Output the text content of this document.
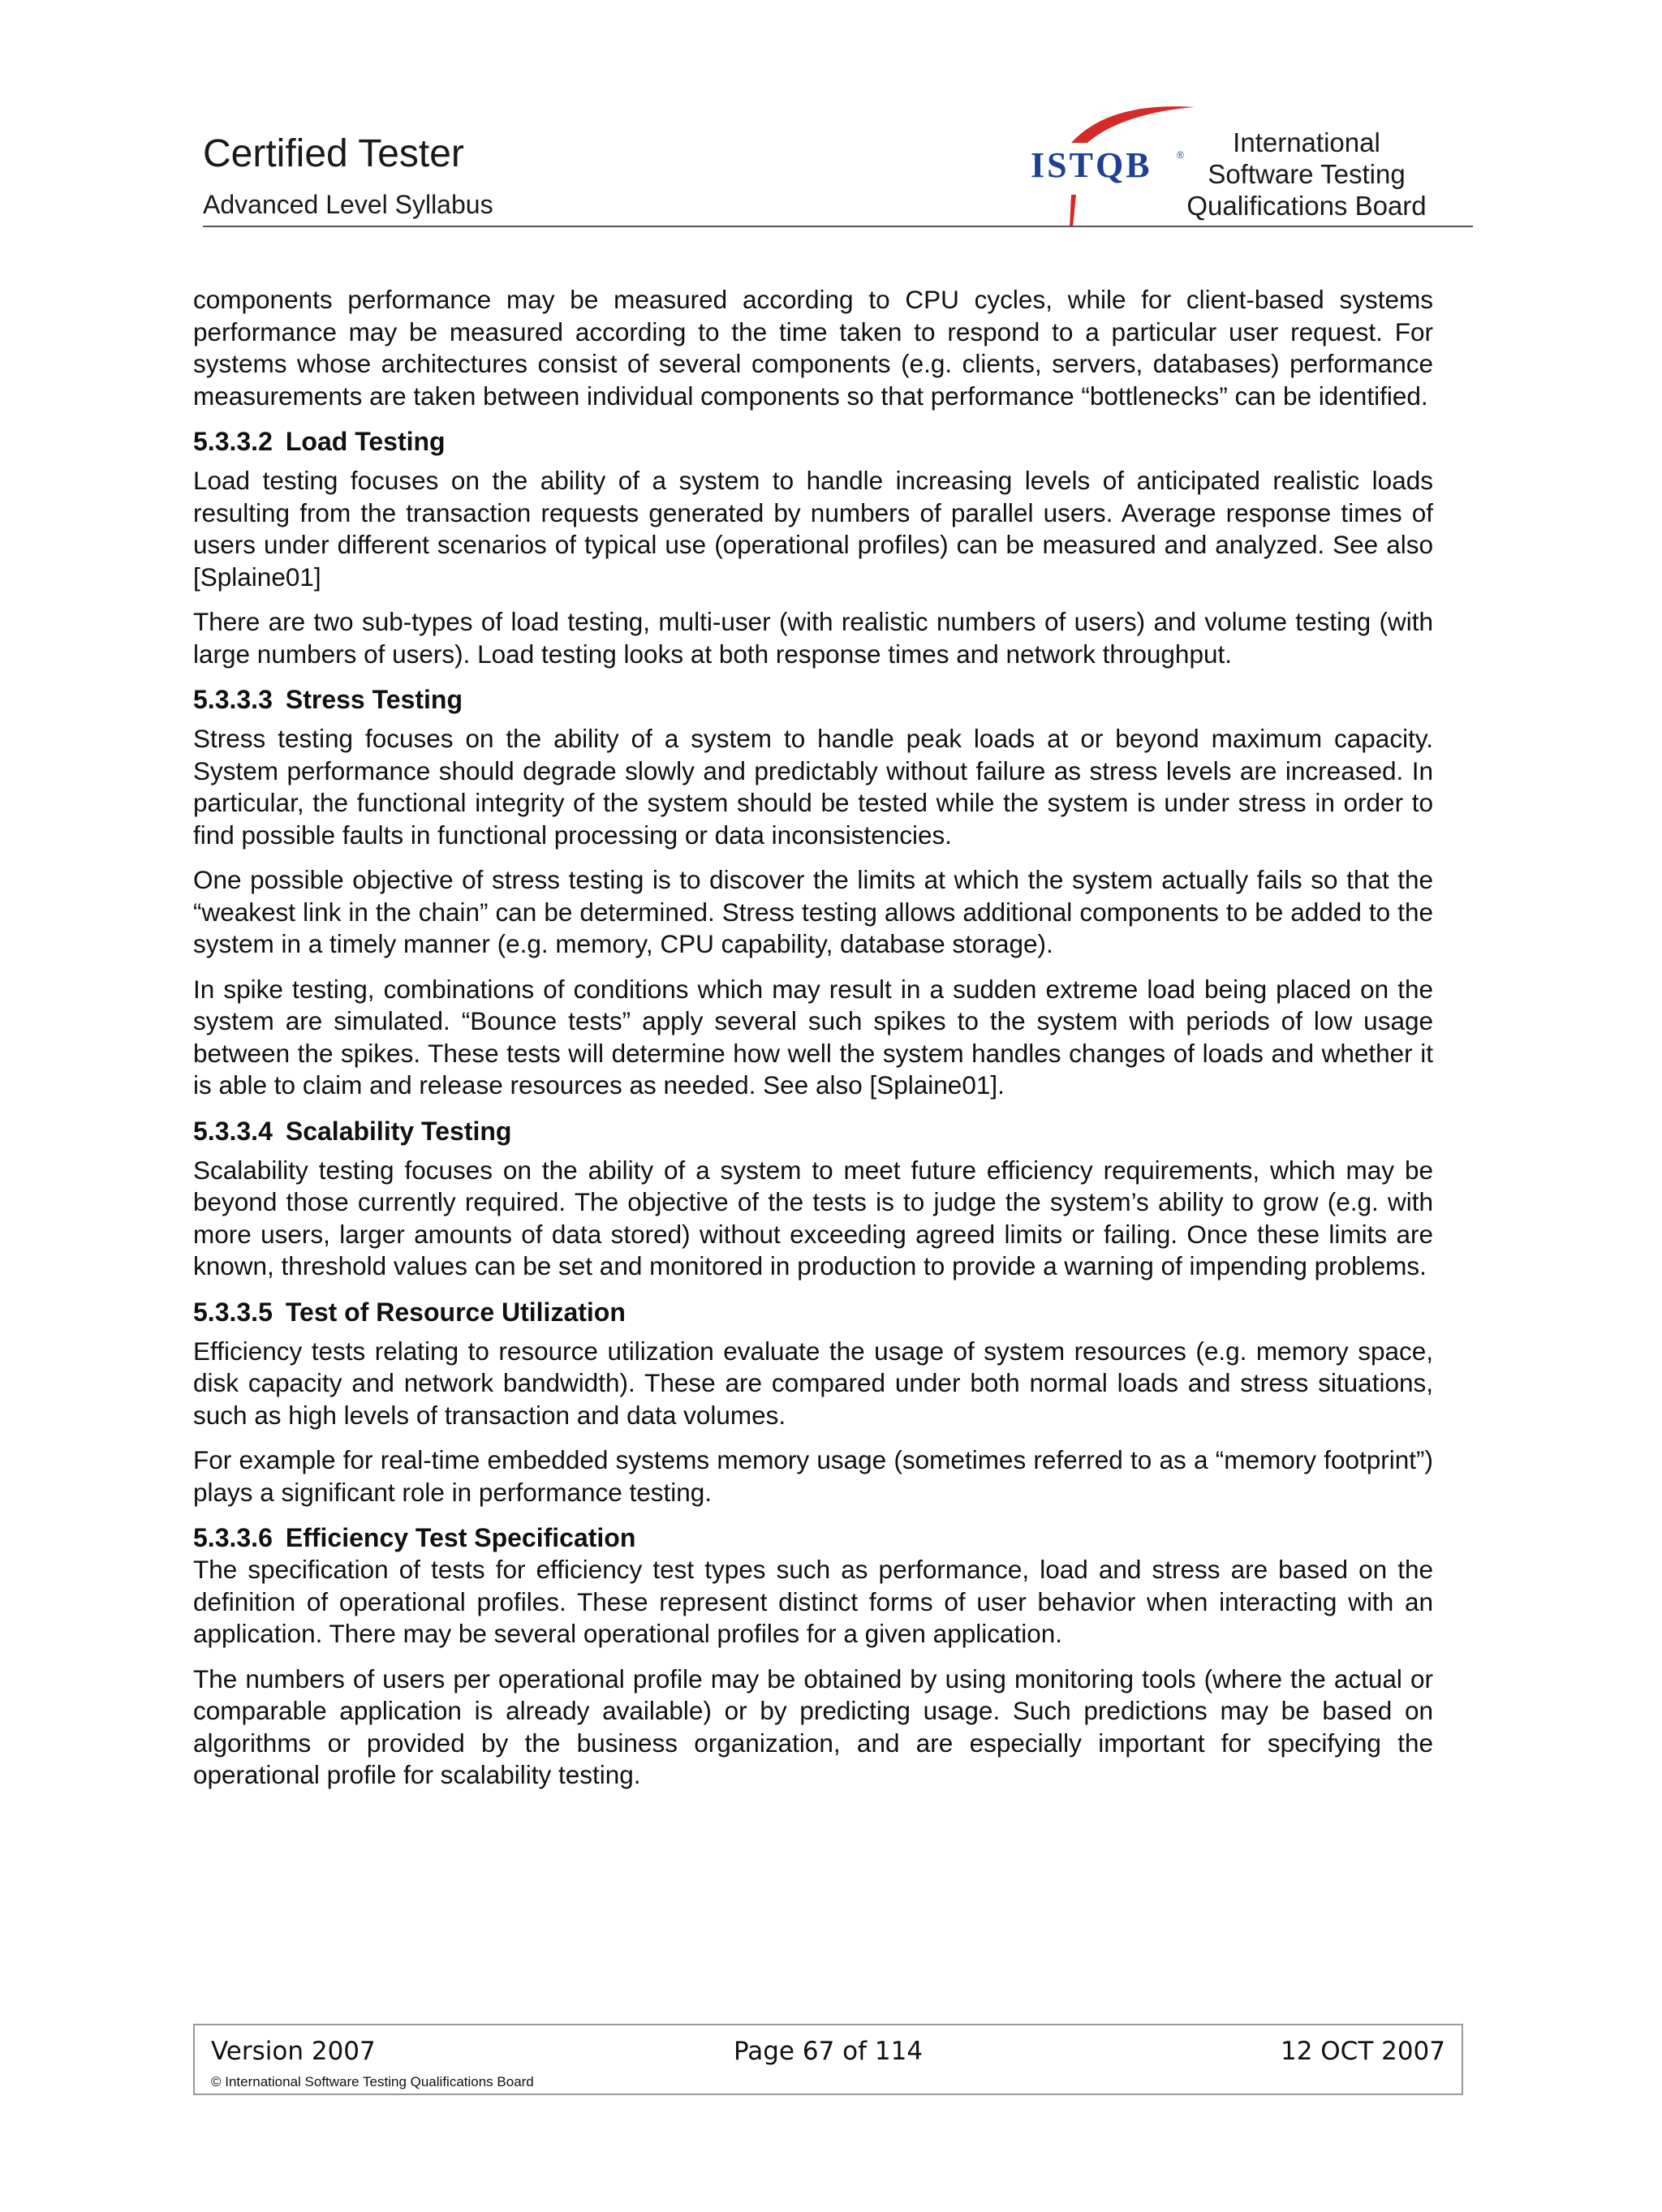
Certified Tester
Advanced Level Syllabus
ISTQB	®	International
Software Testing
Qualifications Board

components performance may be measured according to CPU cycles, while for client-based systems performance may be measured according to the time taken to respond to a particular user request. For systems whose architectures consist of several components (e.g. clients, servers, databases) performance measurements are taken between individual components so that performance “bottlenecks” can be identified.

5.3.3.2 Load Testing

Load testing focuses on the ability of a system to handle increasing levels of anticipated realistic loads resulting from the transaction requests generated by numbers of parallel users. Average response times of users under different scenarios of typical use (operational profiles) can be measured and analyzed. See also [Splaine01]

There are two sub-types of load testing, multi-user (with realistic numbers of users) and volume testing (with large numbers of users). Load testing looks at both response times and network throughput.

5.3.3.3 Stress Testing

Stress testing focuses on the ability of a system to handle peak loads at or beyond maximum capacity. System performance should degrade slowly and predictably without failure as stress levels are increased. In particular, the functional integrity of the system should be tested while the system is under stress in order to find possible faults in functional processing or data inconsistencies.

One possible objective of stress testing is to discover the limits at which the system actually fails so that the “weakest link in the chain” can be determined. Stress testing allows additional components to be added to the system in a timely manner (e.g. memory, CPU capability, database storage).

In spike testing, combinations of conditions which may result in a sudden extreme load being placed on the system are simulated. “Bounce tests” apply several such spikes to the system with periods of low usage between the spikes. These tests will determine how well the system handles changes of loads and whether it is able to claim and release resources as needed. See also [Splaine01].

5.3.3.4 Scalability Testing

Scalability testing focuses on the ability of a system to meet future efficiency requirements, which may be beyond those currently required. The objective of the tests is to judge the system’s ability to grow (e.g. with more users, larger amounts of data stored) without exceeding agreed limits or failing. Once these limits are known, threshold values can be set and monitored in production to provide a warning of impending problems.

5.3.3.5 Test of Resource Utilization

Efficiency tests relating to resource utilization evaluate the usage of system resources (e.g. memory space, disk capacity and network bandwidth). These are compared under both normal loads and stress situations, such as high levels of transaction and data volumes.

For example for real-time embedded systems memory usage (sometimes referred to as a “memory footprint”) plays a significant role in performance testing.

5.3.3.6 Efficiency Test Specification

The specification of tests for efficiency test types such as performance, load and stress are based on the definition of operational profiles. These represent distinct forms of user behavior when interacting with an application. There may be several operational profiles for a given application.

The numbers of users per operational profile may be obtained by using monitoring tools (where the actual or comparable application is already available) or by predicting usage. Such predictions may be based on algorithms or provided by the business organization, and are especially important for specifying the operational profile for scalability testing.

Version 2007	Page 67 of 114	12 OCT 2007
© International Software Testing Qualifications Board
